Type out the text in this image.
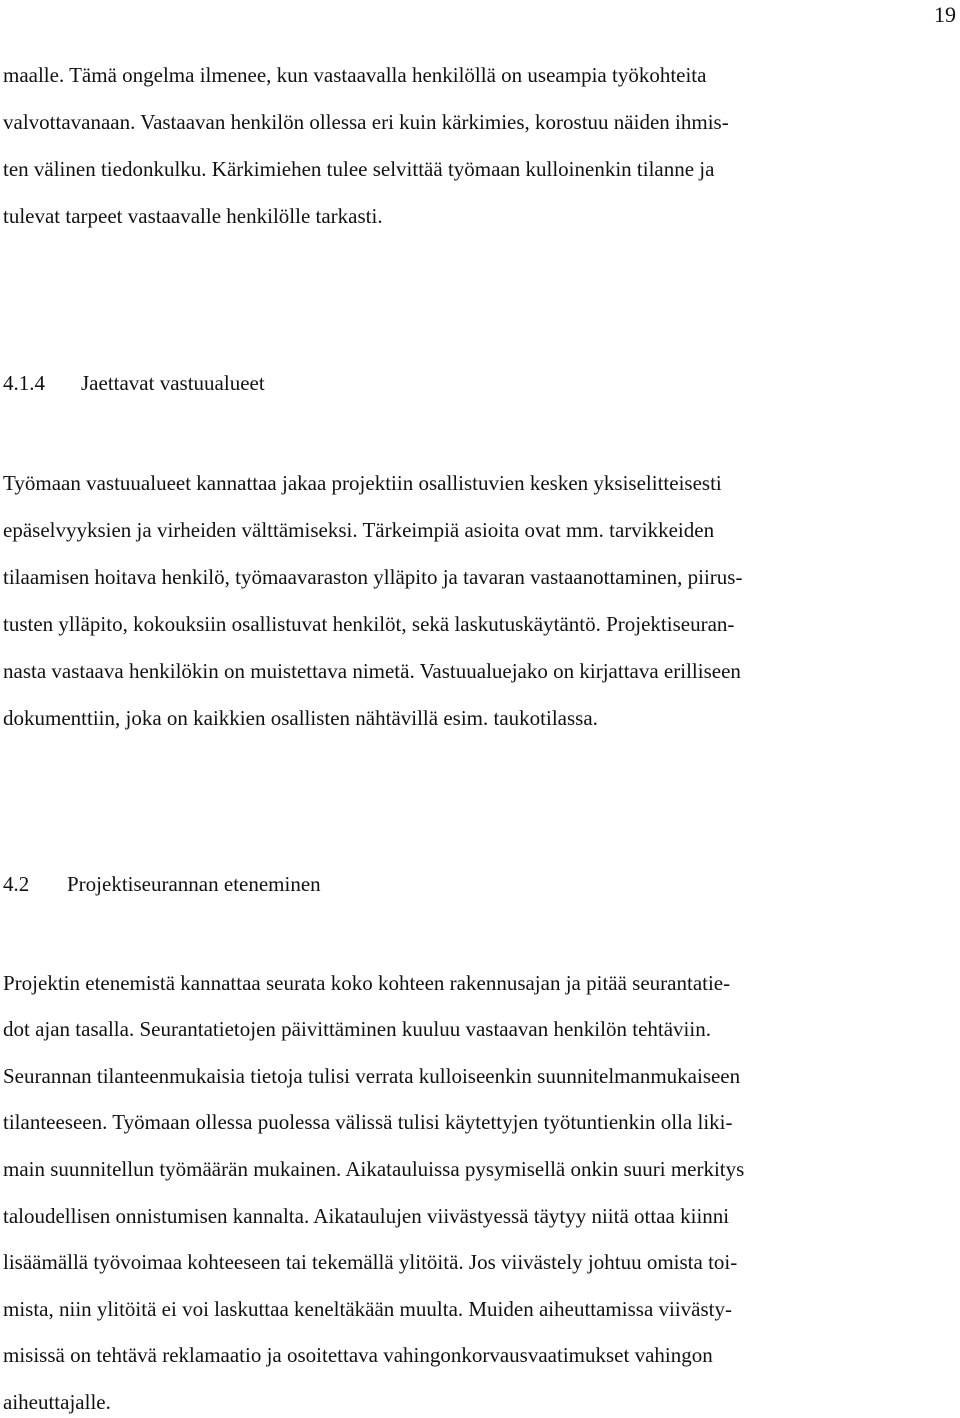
19
maalle. Tämä ongelma ilmenee, kun vastaavalla henkilöllä on useampia työkohteita
valvottavanaan. Vastaavan henkilön ollessa eri kuin kärkimies, korostuu näiden ihmis-
ten välinen tiedonkulku. Kärkimiehen tulee selvittää työmaan kulloinenkin tilanne ja
tulevat tarpeet vastaavalle henkilölle tarkasti.
4.1.4 Jaettavat vastuualueet
Työmaan vastuualueet kannattaa jakaa projektiin osallistuvien kesken yksiselitteisesti
epäselvyyksien ja virheiden välttämiseksi. Tärkeimpiä asioita ovat mm. tarvikkeiden
tilaamisen hoitava henkilö, työmaavaraston ylläpito ja tavaran vastaanottaminen, piirus-
tusten ylläpito, kokouksiin osallistuvat henkilöt, sekä laskutuskäytäntö. Projektiseuran-
nasta vastaava henkilökin on muistettava nimetä. Vastuualuejako on kirjattava erilliseen
dokumenttiin, joka on kaikkien osallisten nähtävillä esim. taukotilassa.
4.2 Projektiseurannan eteneminen
Projektin etenemistä kannattaa seurata koko kohteen rakennusajan ja pitää seurantatie-
dot ajan tasalla. Seurantatietojen päivittäminen kuuluu vastaavan henkilön tehtäviin.
Seurannan tilanteenmukaisia tietoja tulisi verrata kulloiseenkin suunnitelmanmukaiseen
tilanteeseen. Työmaan ollessa puolessa välissä tulisi käytettyjen työtuntienkin olla liki-
main suunnitellun työmäärän mukainen. Aikatauluissa pysymisellä onkin suuri merkitys
taloudellisen onnistumisen kannalta. Aikataulujen viivästyessä täytyy niitä ottaa kiinni
lisäämällä työvoimaa kohteeseen tai tekemällä ylitöitä. Jos viivästely johtuu omista toi-
mista, niin ylitöitä ei voi laskuttaa keneltäkään muulta. Muiden aiheuttamissa viivästy-
misissä on tehtävä reklamaatio ja osoitettava vahingonkorvausvaatimukset vahingon
aiheuttajalle.
